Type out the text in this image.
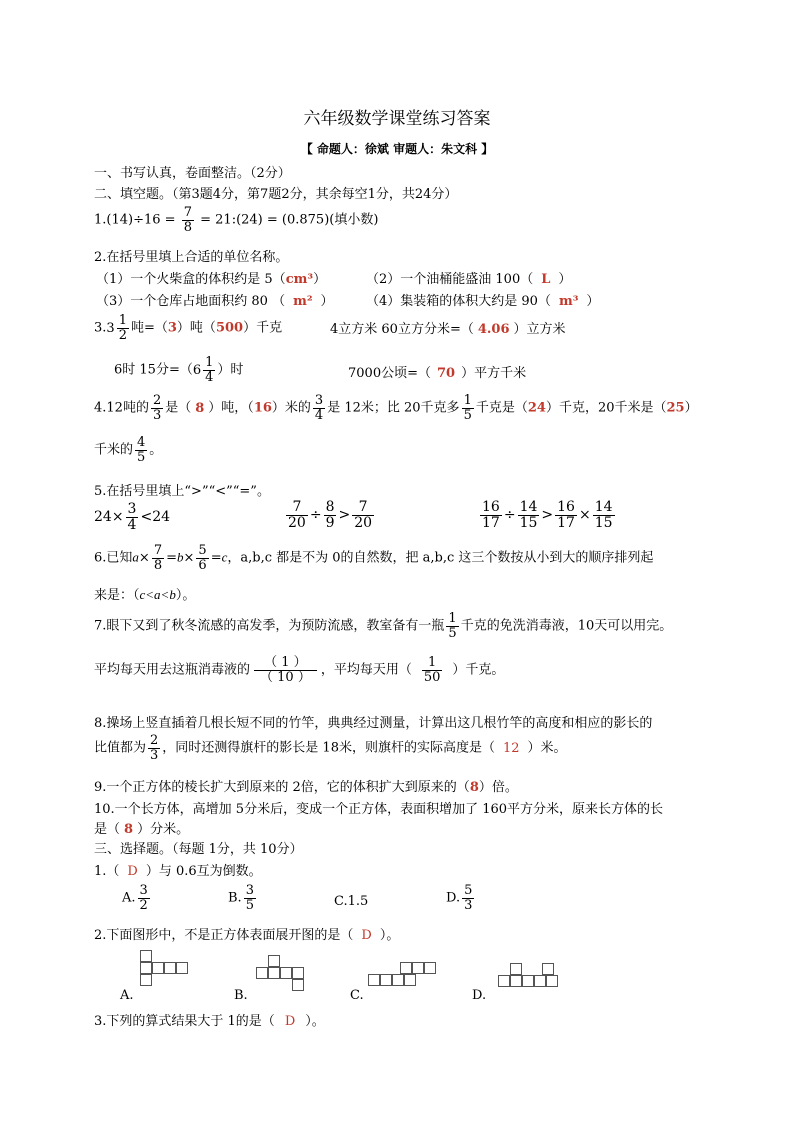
六年级数学课堂练习答案
【 命题人：徐斌 审题人：朱文科 】
一、书写认真，卷面整洁。（2分）
二、填空题。（第3题4分，第7题2分，其余每空1分，共24分）
$1.(14)\div 16 = \frac{7}{8}$ = 21:(24) = (0.875)(填小数)
2.在括号里填上合适的单位名称。
（1）一个火柴盒的体积约是 5（cm³）	（2）一个油桶能盛油 100（ L ）
（3）一个仓库占地面积约 80 （ m² ） （4）集装箱的体积大约是 90（ m³ ）
3. $3 \frac{1}{2}$ 吨=（3）吨（500）千克	4立方米 60立方分米=（ 4.06 ）立方米
6时 15分=（ $6 \frac{1}{4}$ ）时	7000公顷=（ 70 ）平方千米
4.12吨的 $\frac{2}{3}$ 是（ 8 ）吨，（16）米的 $\frac{3}{4}$ 是 12米；比 20千克多 $\frac{1}{5}$ 千克是（24）千克，20千米是（25）
千米的 $\frac{4}{5}$ 。
5.在括号里填上“>”“<”“=”。
$24\times \frac{3}{4} <24$	$\frac{7}{20} \div \frac{8}{9} > \frac{7}{20}$	$\frac{16}{17} \div \frac{14}{15} > \frac{16}{17} \times \frac{14}{15}$
6.已知$a\times \frac{7}{8} =b\times \frac{5}{6} =c$，a,b,c 都是不为 0的自然数，把 a,b,c 这三个数按从小到大的顺序排列起
来是：（c<a<b）。
7.眼下又到了秋冬流感的高发季，为预防流感，教室备有一瓶 $\frac{1}{5}$ 千克的免洗消毒液，10天可以用完。
平均每天用去这瓶消毒液的 $\frac{( 1 )}{( 10 )}$ ，平均每天用（ $\frac{1}{50}$ ）千克。
8.操场上竖直插着几根长短不同的竹竿，典典经过测量，计算出这几根竹竿的高度和相应的影长的
比值都为 $\frac{2}{3}$ ，同时还测得旗杆的影长是 18米，则旗杆的实际高度是（ 12 ）米。
9.一个正方体的棱长扩大到原来的 2倍，它的体积扩大到原来的（8）倍。
10.一个长方体，高增加 5分米后，变成一个正方体，表面积增加了 160平方分米，原来长方体的长
是（ 8 ）分米。
三、选择题。（每题 1分，共 10分）
1.（ D ）与 0.6互为倒数。
A. $\frac{3}{2}$	B. $\frac{3}{5}$	C.1.5	D. $\frac{5}{3}$
2.下面图形中，不是正方体表面展开图的是（ D ）。
A.	B.	C.	D.
3.下列的算式结果大于 1的是（ D ）。
